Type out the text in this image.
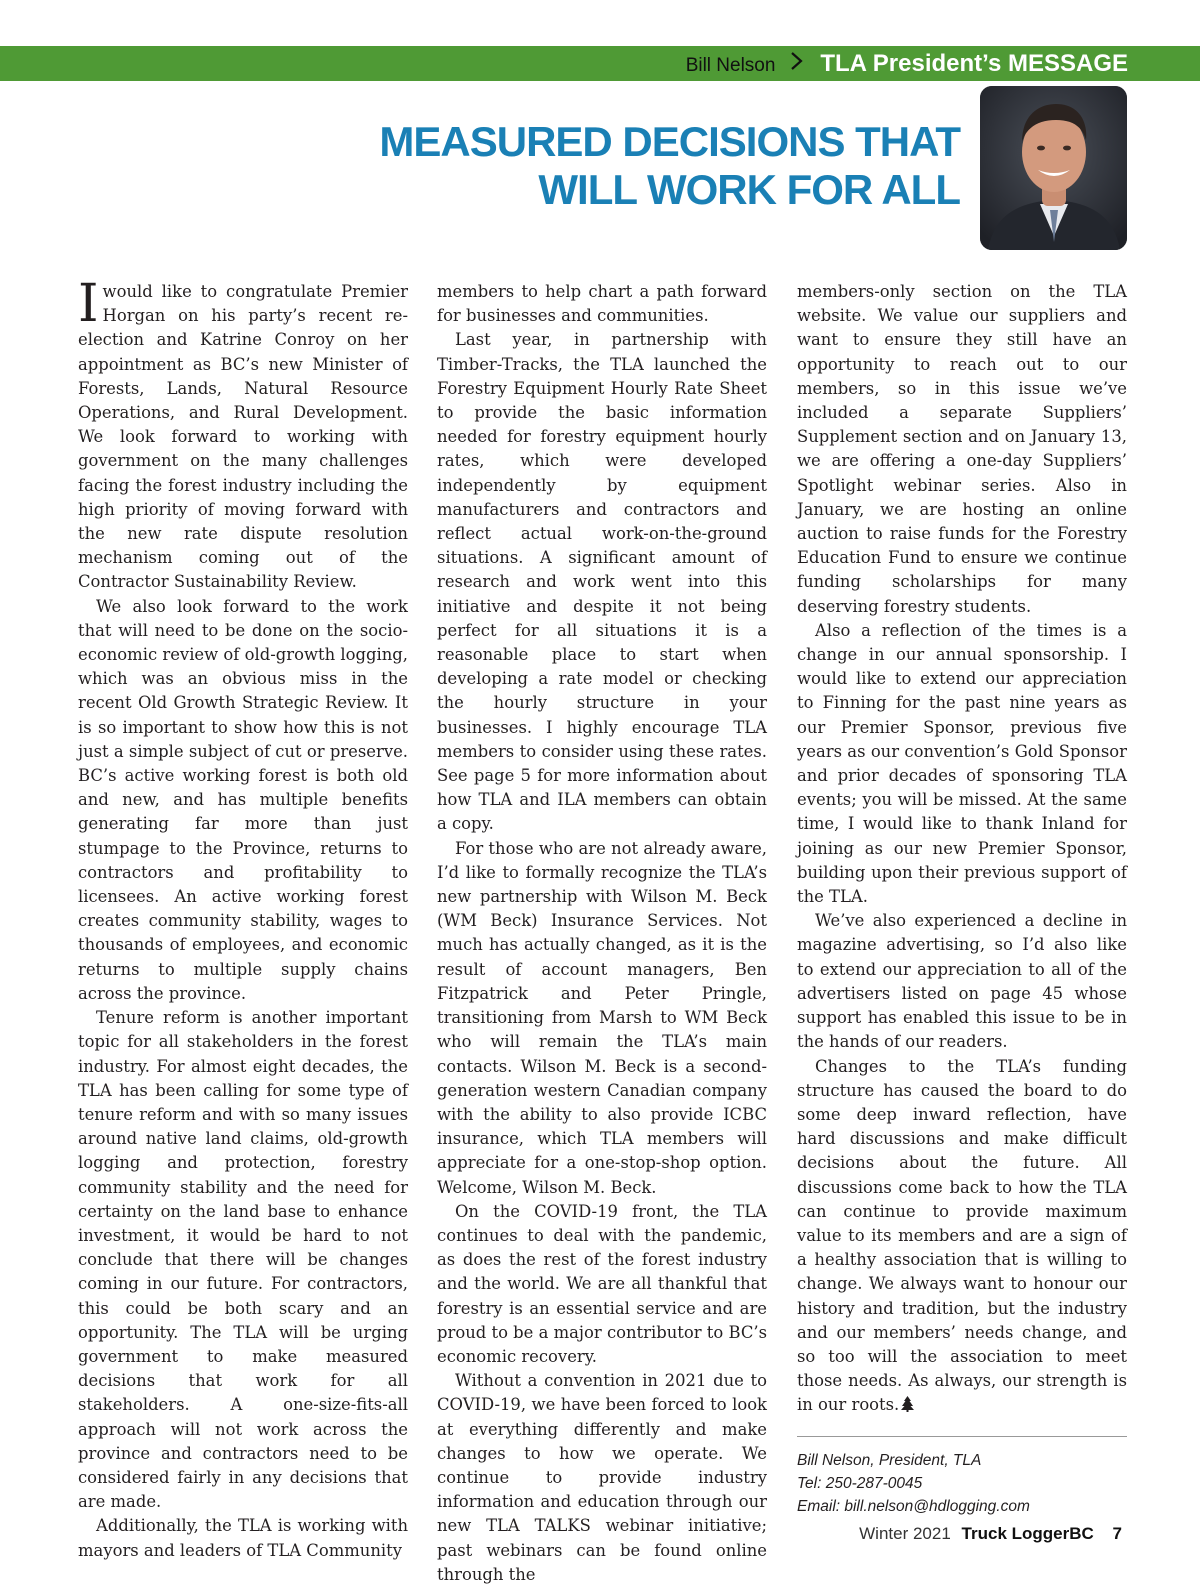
Bill Nelson TLA President’s MESSAGE
MEASURED DECISIONS THAT
WILL WORK FOR ALL

Iwould like to congratulate Premier Horgan on his party’s recent re-election and Katrine Conroy on her appointment as BC’s new Minister of Forests, Lands, Natural Resource Operations, and Rural Development. We look forward to working with government on the many challenges facing the forest industry including the high priority of moving forward with the new rate dispute resolution mechanism coming out of the Contractor Sustainability Review.

We also look forward to the work that will need to be done on the socio-economic review of old-growth logging, which was an obvious miss in the recent Old Growth Strategic Review. It is so important to show how this is not just a simple subject of cut or preserve. BC’s active working forest is both old and new, and has multiple benefits generating far more than just stumpage to the Province, returns to contractors and profitability to licensees. An active working forest creates community stability, wages to thousands of employees, and economic returns to multiple supply chains across the province.

Tenure reform is another important topic for all stakeholders in the forest industry. For almost eight decades, the TLA has been calling for some type of tenure reform and with so many issues around native land claims, old-growth logging and protection, forestry community stability and the need for certainty on the land base to enhance investment, it would be hard to not conclude that there will be changes coming in our future. For contractors, this could be both scary and an opportunity. The TLA will be urging government to make measured decisions that work for all stakeholders. A one-size-fits-all approach will not work across the province and contractors need to be considered fairly in any decisions that are made.

Additionally, the TLA is working with mayors and leaders of TLA Community

members to help chart a path forward for businesses and communities.

Last year, in partnership with Timber-Tracks, the TLA launched the Forestry Equipment Hourly Rate Sheet to provide the basic information needed for forestry equipment hourly rates, which were developed independently by equipment manufacturers and contractors and reflect actual work-on-the-ground situations. A significant amount of research and work went into this initiative and despite it not being perfect for all situations it is a reasonable place to start when developing a rate model or checking the hourly structure in your businesses. I highly encourage TLA members to consider using these rates. See page 5 for more information about how TLA and ILA members can obtain a copy.

For those who are not already aware, I’d like to formally recognize the TLA’s new partnership with Wilson M. Beck (WM Beck) Insurance Services. Not much has actually changed, as it is the result of account managers, Ben Fitzpatrick and Peter Pringle, transitioning from Marsh to WM Beck who will remain the TLA’s main contacts. Wilson M. Beck is a second-generation western Canadian company with the ability to also provide ICBC insurance, which TLA members will appreciate for a one-stop-shop option. Welcome, Wilson M. Beck.

On the COVID-19 front, the TLA continues to deal with the pandemic, as does the rest of the forest industry and the world. We are all thankful that forestry is an essential service and are proud to be a major contributor to BC’s economic recovery.

Without a convention in 2021 due to COVID-19, we have been forced to look at everything differently and make changes to how we operate. We continue to provide industry information and education through our new TLA TALKS webinar initiative; past webinars can be found online through the

members-only section on the TLA website. We value our suppliers and want to ensure they still have an opportunity to reach out to our members, so in this issue we’ve included a separate Suppliers’ Supplement section and on January 13, we are offering a one-day Suppliers’ Spotlight webinar series. Also in January, we are hosting an online auction to raise funds for the Forestry Education Fund to ensure we continue funding scholarships for many deserving forestry students.

Also a reflection of the times is a change in our annual sponsorship. I would like to extend our appreciation to Finning for the past nine years as our Premier Sponsor, previous five years as our convention’s Gold Sponsor and prior decades of sponsoring TLA events; you will be missed. At the same time, I would like to thank Inland for joining as our new Premier Sponsor, building upon their previous support of the TLA.

We’ve also experienced a decline in magazine advertising, so I’d also like to extend our appreciation to all of the advertisers listed on page 45 whose support has enabled this issue to be in the hands of our readers.

Changes to the TLA’s funding structure has caused the board to do some deep inward reflection, have hard discussions and make difficult decisions about the future. All discussions come back to how the TLA can continue to provide maximum value to its members and are a sign of a healthy association that is willing to change. We always want to honour our history and tradition, but the industry and our members’ needs change, and so too will the association to meet those needs. As always, our strength is in our roots.

Bill Nelson, President, TLA
Tel: 250-287-0045
Email: bill.nelson@hdlogging.com
Winter 2021 Truck LoggerBC 7
